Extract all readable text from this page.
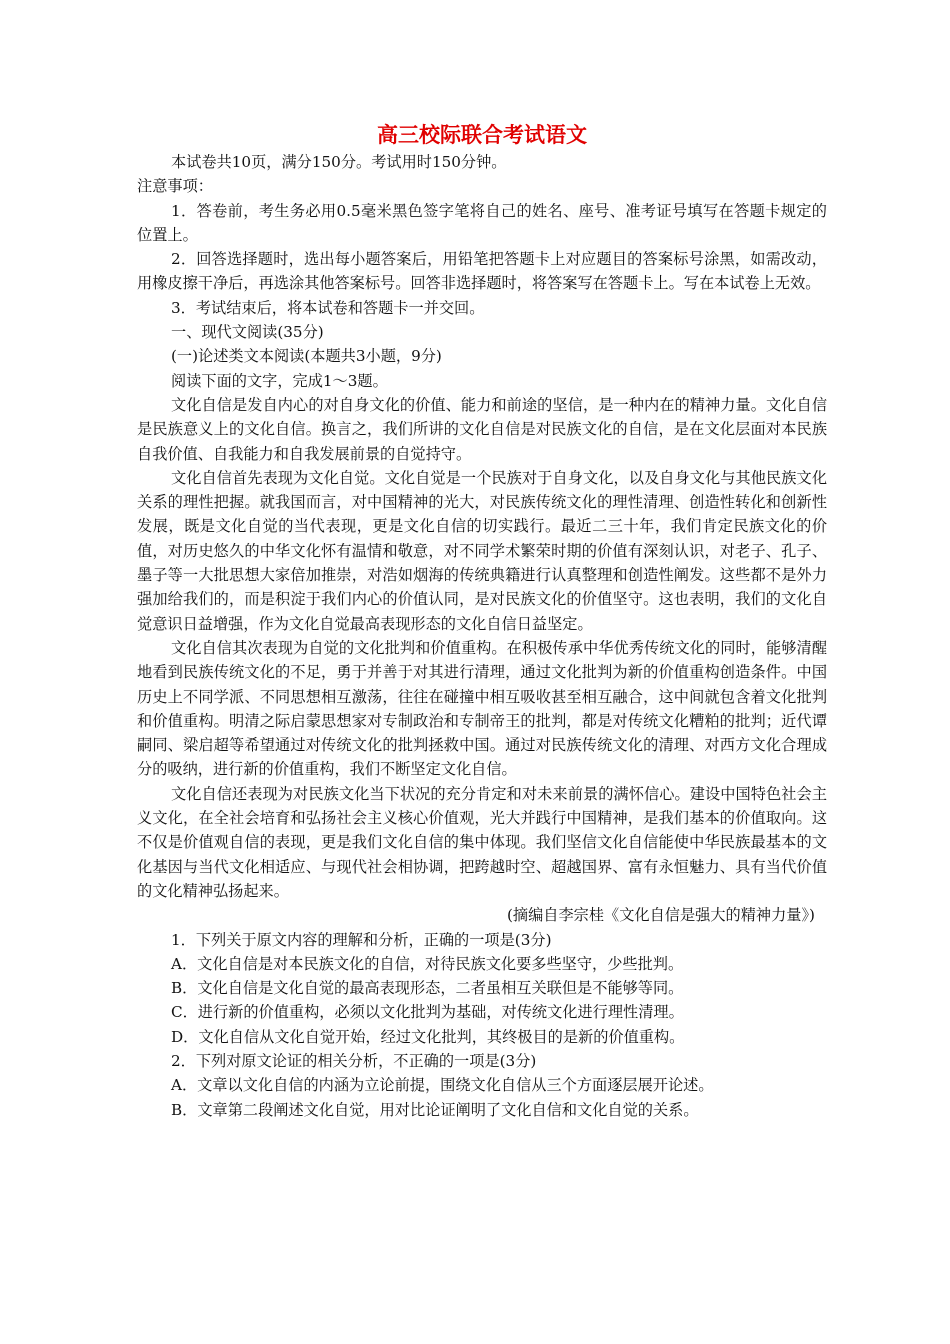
高三校际联合考试语文

本试卷共10页，满分150分。考试用时150分钟。

注意事项：

1．答卷前，考生务必用0.5毫米黑色签字笔将自己的姓名、座号、准考证号填写在答题卡规定的位置上。

2．回答选择题时，选出每小题答案后，用铅笔把答题卡上对应题目的答案标号涂黑，如需改动，用橡皮擦干净后，再选涂其他答案标号。回答非选择题时，将答案写在答题卡上。写在本试卷上无效。

3．考试结束后，将本试卷和答题卡一并交回。

一、现代文阅读(35分)

(一)论述类文本阅读(本题共3小题，9分)

阅读下面的文字，完成1～3题。

文化自信是发自内心的对自身文化的价值、能力和前途的坚信，是一种内在的精神力量。文化自信是民族意义上的文化自信。换言之，我们所讲的文化自信是对民族文化的自信，是在文化层面对本民族自我价值、自我能力和自我发展前景的自觉持守。

文化自信首先表现为文化自觉。文化自觉是一个民族对于自身文化，以及自身文化与其他民族文化关系的理性把握。就我国而言，对中国精神的光大，对民族传统文化的理性清理、创造性转化和创新性发展，既是文化自觉的当代表现，更是文化自信的切实践行。最近二三十年，我们肯定民族文化的价值，对历史悠久的中华文化怀有温情和敬意，对不同学术繁荣时期的价值有深刻认识，对老子、孔子、墨子等一大批思想大家倍加推崇，对浩如烟海的传统典籍进行认真整理和创造性阐发。这些都不是外力强加给我们的，而是积淀于我们内心的价值认同，是对民族文化的价值坚守。这也表明，我们的文化自觉意识日益增强，作为文化自觉最高表现形态的文化自信日益坚定。

文化自信其次表现为自觉的文化批判和价值重构。在积极传承中华优秀传统文化的同时，能够清醒地看到民族传统文化的不足，勇于并善于对其进行清理，通过文化批判为新的价值重构创造条件。中国历史上不同学派、不同思想相互激荡，往往在碰撞中相互吸收甚至相互融合，这中间就包含着文化批判和价值重构。明清之际启蒙思想家对专制政治和专制帝王的批判，都是对传统文化糟粕的批判；近代谭嗣同、梁启超等希望通过对传统文化的批判拯救中国。通过对民族传统文化的清理、对西方文化合理成分的吸纳，进行新的价值重构，我们不断坚定文化自信。

文化自信还表现为对民族文化当下状况的充分肯定和对未来前景的满怀信心。建设中国特色社会主义文化，在全社会培育和弘扬社会主义核心价值观，光大并践行中国精神，是我们基本的价值取向。这不仅是价值观自信的表现，更是我们文化自信的集中体现。我们坚信文化自信能使中华民族最基本的文化基因与当代文化相适应、与现代社会相协调，把跨越时空、超越国界、富有永恒魅力、具有当代价值的文化精神弘扬起来。

(摘编自李宗桂《文化自信是强大的精神力量》)

1．下列关于原文内容的理解和分析，正确的一项是(3分)

A．文化自信是对本民族文化的自信，对待民族文化要多些坚守，少些批判。

B．文化自信是文化自觉的最高表现形态，二者虽相互关联但是不能够等同。

C．进行新的价值重构，必须以文化批判为基础，对传统文化进行理性清理。

D．文化自信从文化自觉开始，经过文化批判，其终极目的是新的价值重构。

2．下列对原文论证的相关分析，不正确的一项是(3分)

A．文章以文化自信的内涵为立论前提，围绕文化自信从三个方面逐层展开论述。

B．文章第二段阐述文化自觉，用对比论证阐明了文化自信和文化自觉的关系。
